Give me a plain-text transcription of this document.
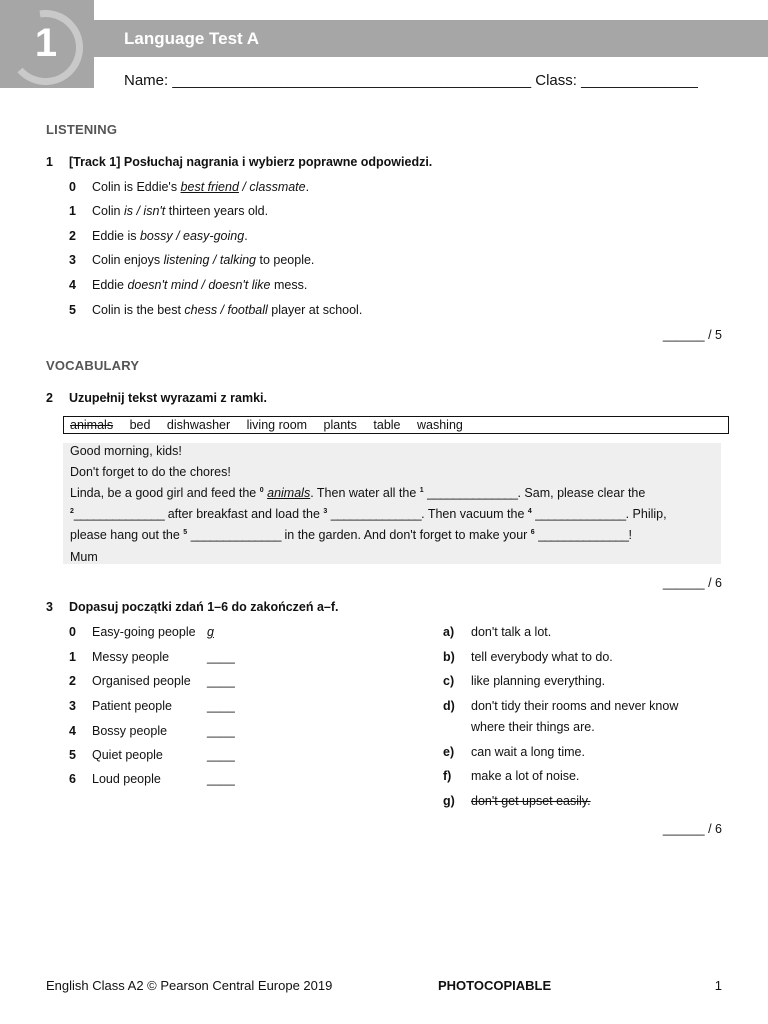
1	Language Test A
Name: ___________________________________________ Class: ______________
LISTENING
1 [Track 1] Posłuchaj nagrania i wybierz poprawne odpowiedzi.
0 Colin is Eddie's best friend / classmate.
1 Colin is / isn't thirteen years old.
2 Eddie is bossy / easy-going.
3 Colin enjoys listening / talking to people.
4 Eddie doesn't mind / doesn't like mess.
5 Colin is the best chess / football player at school.
______ / 5
VOCABULARY
2 Uzupełnij tekst wyrazami z ramki.
animals bed dishwasher living room plants table washing
Good morning, kids!
Don't forget to do the chores!
Linda, be a good girl and feed the $^0$ animals. Then water all the $^1$ ______________. Sam, please clear the
$^2$______________ after breakfast and load the $^3$ ______________. Then vacuum the $^4$ ______________. Philip,
please hang out the $^5$ ______________ in the garden. And don't forget to make your $^6$ ______________!
Mum
______ / 6
3 Dopasuj początki zdań 1–6 do zakończeń a–f.
0 Easy-going people g
1 Messy people	____
2 Organised people ____
3 Patient people	____
4 Bossy people	____
5 Quiet people	____
6 Loud people	____
a) don't talk a lot.
b) tell everybody what to do.
c) like planning everything.
d) don't tidy their rooms and never know
where their things are.
e) can wait a long time.
f) make a lot of noise.
g) don't get upset easily.
______ / 6
English Class A2 © Pearson Central Europe 2019	PHOTOCOPIABLE	1
